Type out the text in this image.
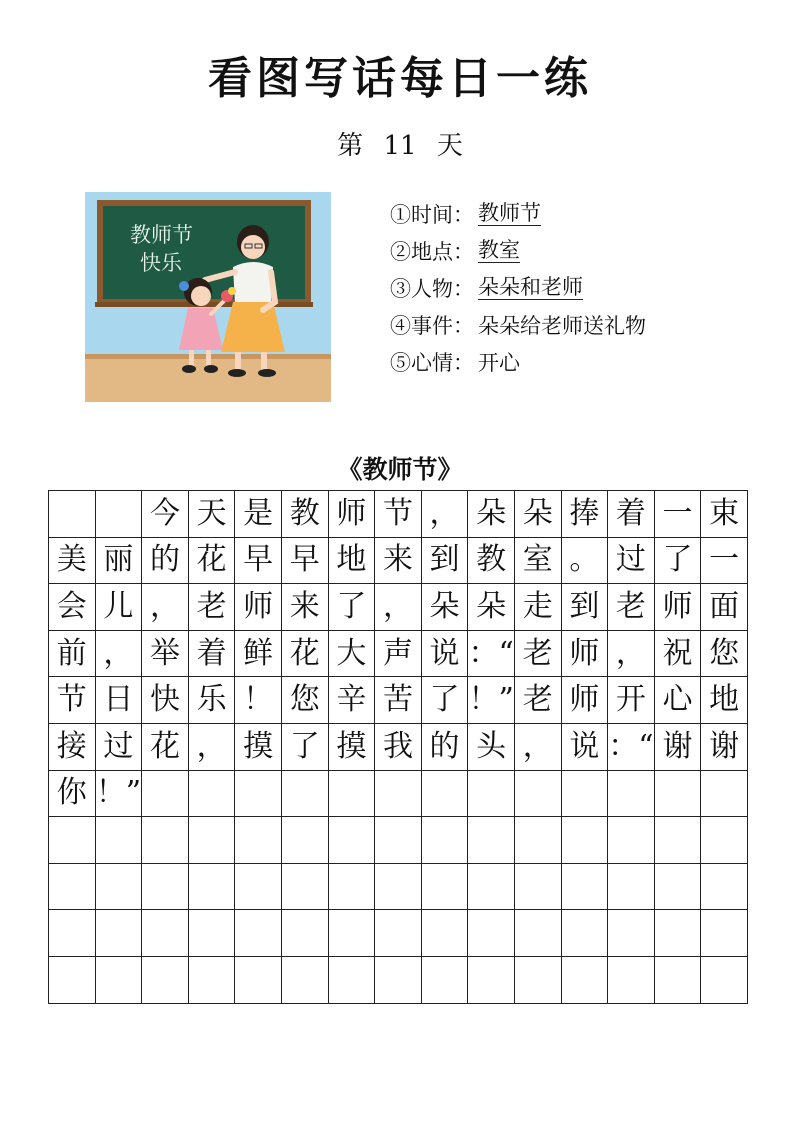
看图写话每日一练
第 11 天
教师节
快乐
①时间： 教师节
②地点： 教室
③人物： 朵朵和老师
④事件： 朵朵给老师送礼物
⑤心情： 开心
《教师节》
今 天 是 教 师 节 ， 朵 朵 捧 着 一 束
美 丽 的 花 早 早 地 来 到 教 室 。 过 了 一
会 儿 ， 老 师 来 了 ， 朵 朵 走 到 老 师 面
前 ， 举 着 鲜 花 大 声 说 ：“ 老 师 ， 祝 您
节 日 快 乐 ！ 您 辛 苦 了 ！” 老 师 开 心 地
接 过 花 ， 摸 了 摸 我 的 头 ， 说 ：“ 谢 谢
你 ！”
